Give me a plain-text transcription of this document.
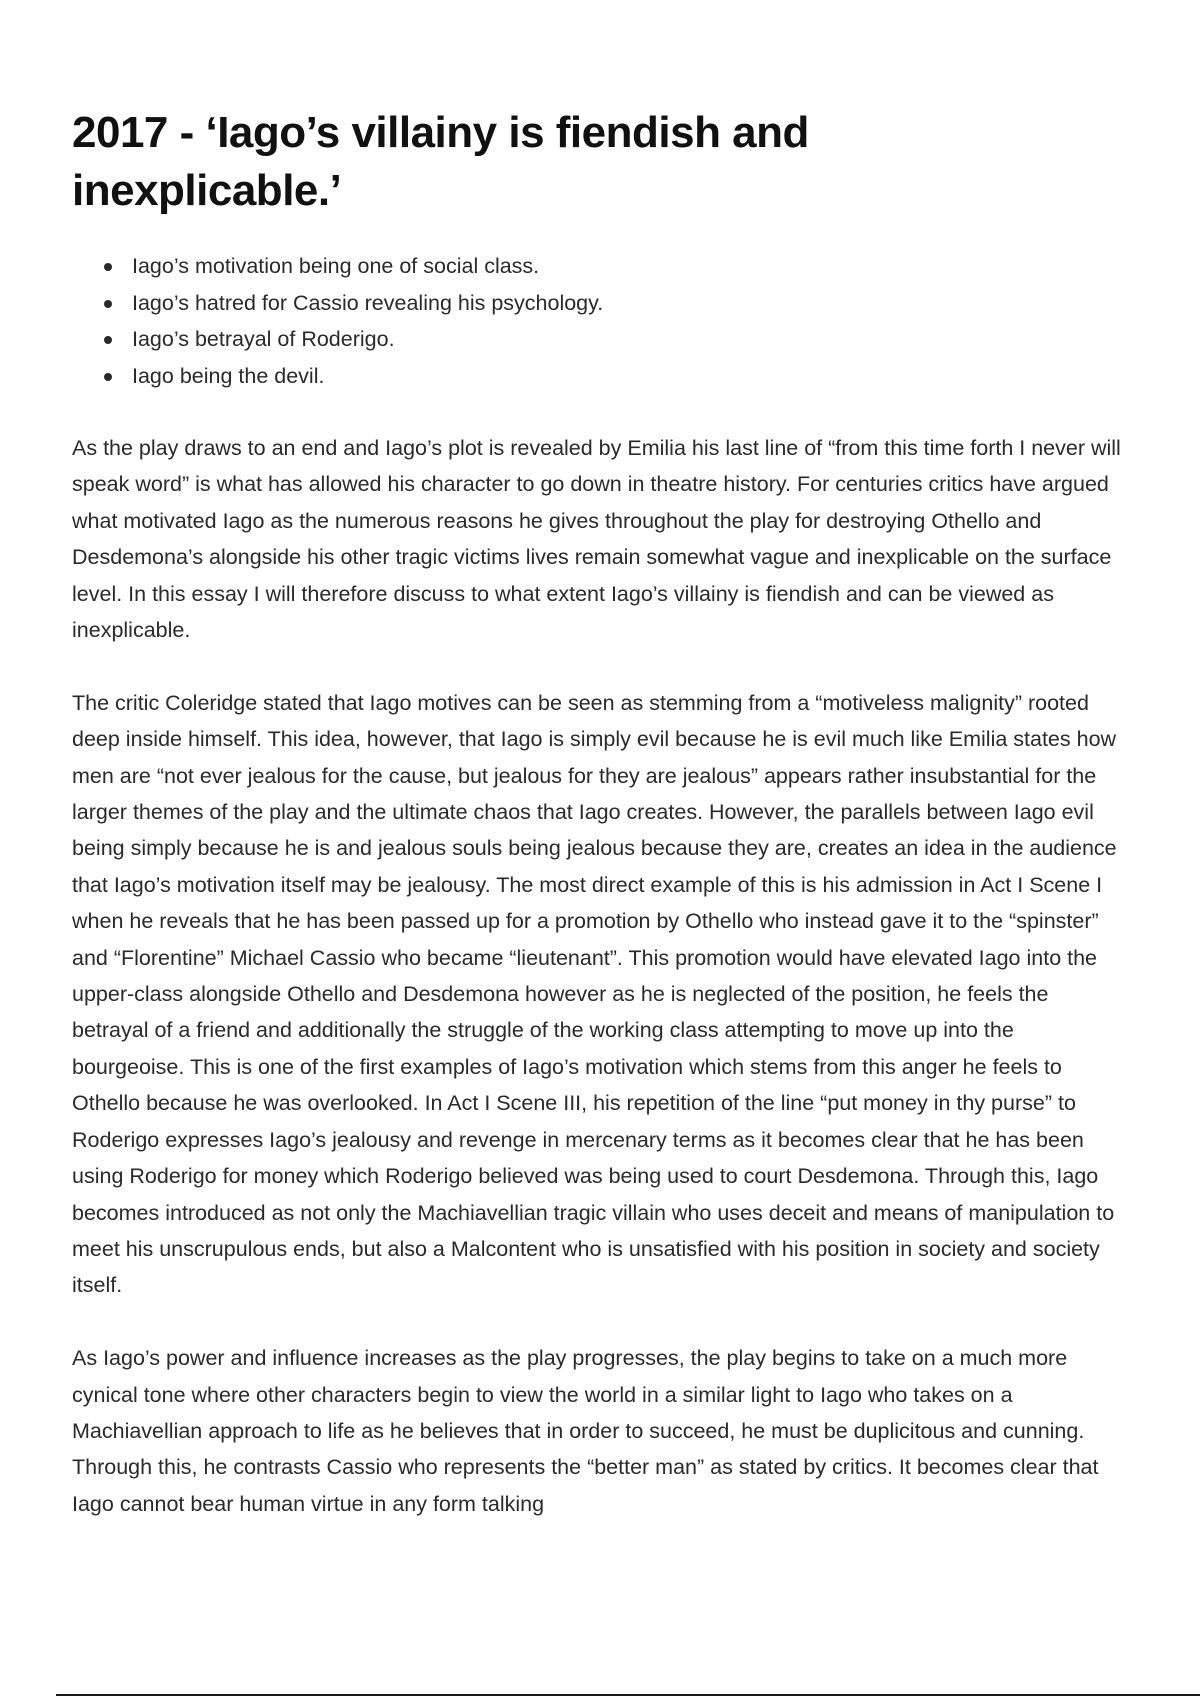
2017 - ‘Iago’s villainy is fiendish and inexplicable.’
Iago’s motivation being one of social class.
Iago’s hatred for Cassio revealing his psychology.
Iago’s betrayal of Roderigo.
Iago being the devil.

As the play draws to an end and Iago’s plot is revealed by Emilia his last line of “from this time forth I never will speak word” is what has allowed his character to go down in theatre history. For centuries critics have argued what motivated Iago as the numerous reasons he gives throughout the play for destroying Othello and Desdemona’s alongside his other tragic victims lives remain somewhat vague and inexplicable on the surface level. In this essay I will therefore discuss to what extent Iago’s villainy is fiendish and can be viewed as inexplicable.

The critic Coleridge stated that Iago motives can be seen as stemming from a “motiveless malignity” rooted deep inside himself. This idea, however, that Iago is simply evil because he is evil much like Emilia states how men are “not ever jealous for the cause, but jealous for they are jealous” appears rather insubstantial for the larger themes of the play and the ultimate chaos that Iago creates. However, the parallels between Iago evil being simply because he is and jealous souls being jealous because they are, creates an idea in the audience that Iago’s motivation itself may be jealousy. The most direct example of this is his admission in Act I Scene I when he reveals that he has been passed up for a promotion by Othello who instead gave it to the “spinster” and “Florentine” Michael Cassio who became “lieutenant”. This promotion would have elevated Iago into the upper-class alongside Othello and Desdemona however as he is neglected of the position, he feels the betrayal of a friend and additionally the struggle of the working class attempting to move up into the bourgeoise. This is one of the first examples of Iago’s motivation which stems from this anger he feels to Othello because he was overlooked. In Act I Scene III, his repetition of the line “put money in thy purse” to Roderigo expresses Iago’s jealousy and revenge in mercenary terms as it becomes clear that he has been using Roderigo for money which Roderigo believed was being used to court Desdemona. Through this, Iago becomes introduced as not only the Machiavellian tragic villain who uses deceit and means of manipulation to meet his unscrupulous ends, but also a Malcontent who is unsatisfied with his position in society and society itself.

As Iago’s power and influence increases as the play progresses, the play begins to take on a much more cynical tone where other characters begin to view the world in a similar light to Iago who takes on a Machiavellian approach to life as he believes that in order to succeed, he must be duplicitous and cunning. Through this, he contrasts Cassio who represents the “better man” as stated by critics. It becomes clear that Iago cannot bear human virtue in any form talking
